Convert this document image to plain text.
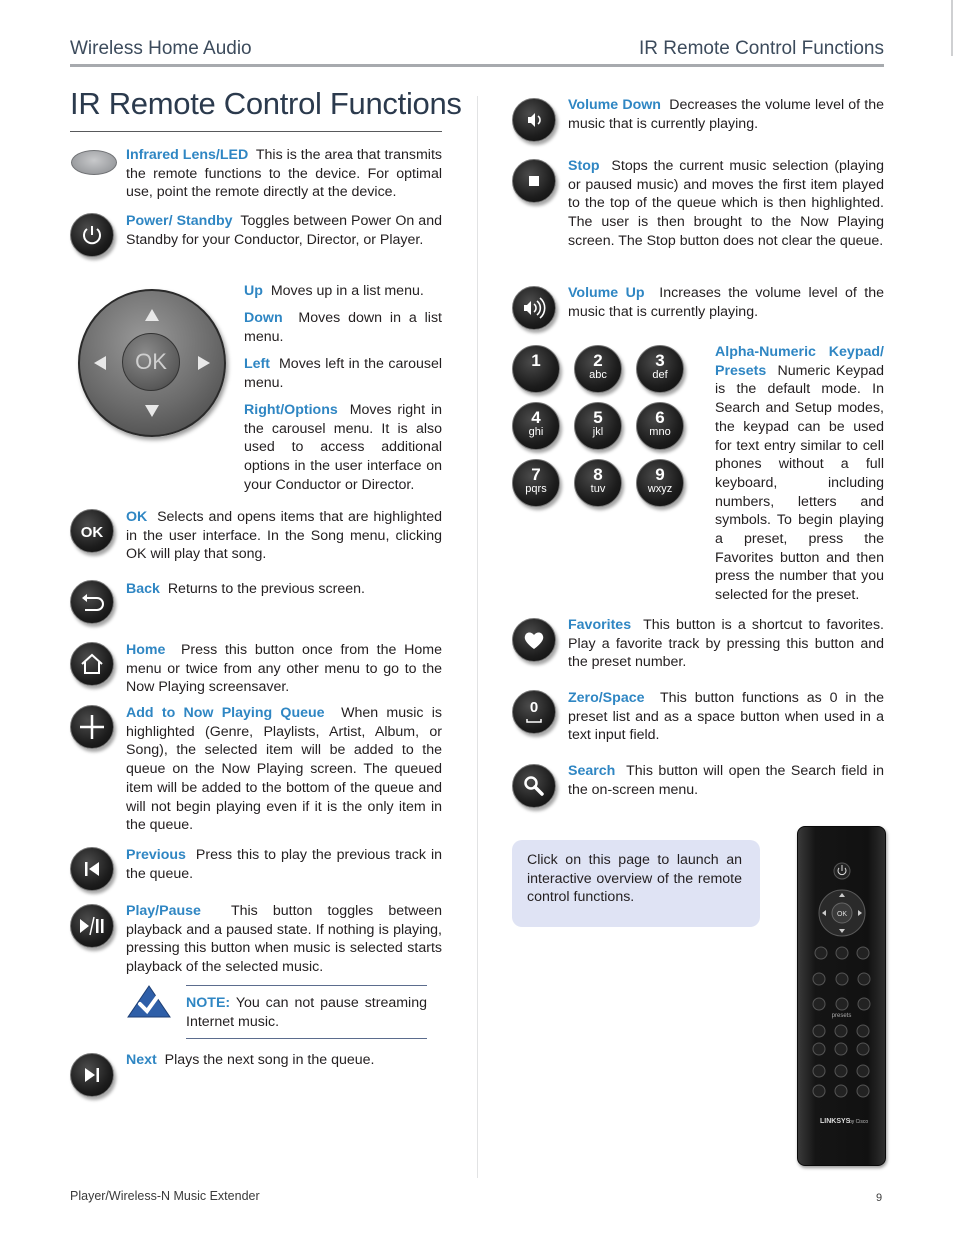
Wireless Home Audio	IR Remote Control Functions
IR Remote Control Functions
Infrared Lens/LED This is the area that transmits the remote functions to the device. For optimal use, point the remote directly at the device.
Power/ Standby Toggles between Power On and Standby for your Conductor, Director, or Player.
OK
Up Moves up in a list menu.
Down Moves down in a list menu.
Left Moves left in the carousel menu.
Right/Options Moves right in the carousel menu. It is also used to access additional options in the user interface on your Conductor or Director.
OK
OK Selects and opens items that are highlighted in the user interface. In the Song menu, clicking OK will play that song.
Back Returns to the previous screen.
Home Press this button once from the Home menu or twice from any other menu to go to the Now Playing screensaver.
Add to Now Playing Queue When music is highlighted (Genre, Playlists, Artist, Album, or Song), the selected item will be added to the queue on the Now Playing screen. The queued item will be added to the bottom of the queue and will not begin playing even if it is the only item in the queue.
Previous Press this to play the previous track in the queue.
Play/Pause This button toggles between playback and a paused state. If nothing is playing, pressing this button when music is selected starts playback of the selected music.
NOTE: You can not pause streaming Internet music.
Next Plays the next song in the queue.
Volume Down Decreases the volume level of the music that is currently playing.
Stop Stops the current music selection (playing or paused music) and moves the first item played to the top of the queue which is then highlighted. The user is then brought to the Now Playing screen. The Stop button does not clear the queue.
Volume Up Increases the volume level of the music that is currently playing.
1	2
abc
3
def
4
ghi
5
jkl
6
mno
7
pqrs
8
tuv
9
wxyz
Alpha-Numeric Keypad/ Presets Numeric Keypad is the default mode. In Search and Setup modes, the keypad can be used for text entry similar to cell phones without a full keyboard, including numbers, letters and symbols. To begin playing a preset, press the Favorites button and then press the number that you selected for the preset.
Favorites This button is a shortcut to favorites. Play a favorite track by pressing this button and the preset number.
0
Zero/Space This button functions as 0 in the preset list and as a space button when used in a text input field.
Search This button will open the Search field in the on-screen menu.
Click on this page to launch an interactive overview of the remote control functions.
OK
presets
LINKSYS
by Cisco
Player/Wireless-N Music Extender	9
